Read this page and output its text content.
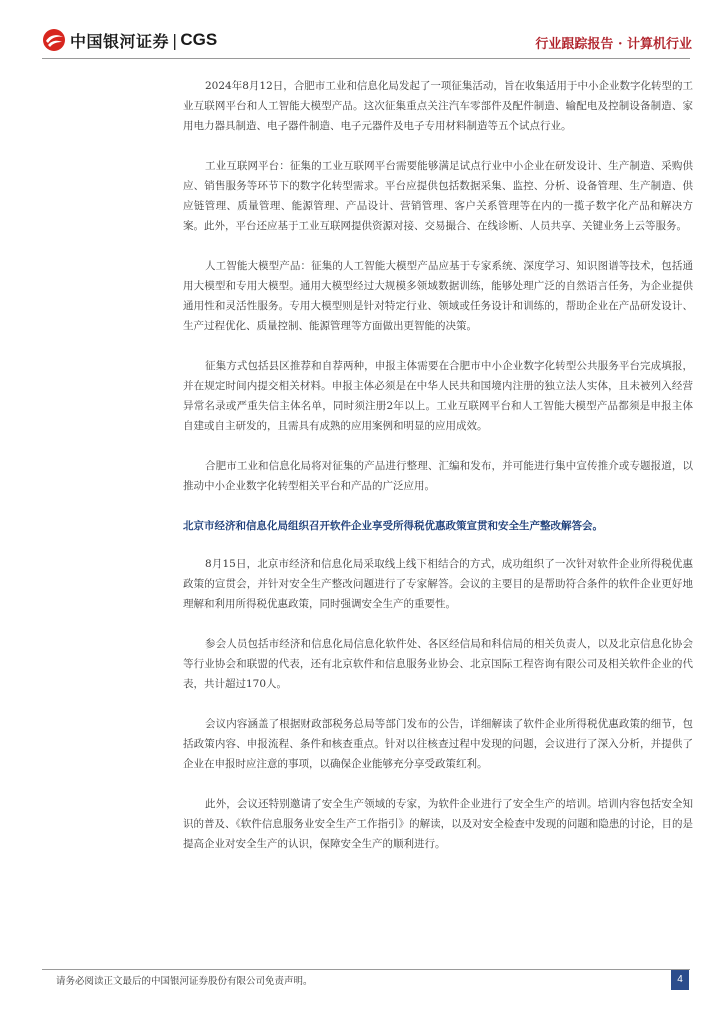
中国银河证券 | CGS	行业跟踪报告 · 计算机行业

2024年8月12日，合肥市工业和信息化局发起了一项征集活动，旨在收集适用于中小企业数字化转型的工业互联网平台和人工智能大模型产品。这次征集重点关注汽车零部件及配件制造、输配电及控制设备制造、家用电力器具制造、电子器件制造、电子元器件及电子专用材料制造等五个试点行业。

工业互联网平台：征集的工业互联网平台需要能够满足试点行业中小企业在研发设计、生产制造、采购供应、销售服务等环节下的数字化转型需求。平台应提供包括数据采集、监控、分析、设备管理、生产制造、供应链管理、质量管理、能源管理、产品设计、营销管理、客户关系管理等在内的一揽子数字化产品和解决方案。此外，平台还应基于工业互联网提供资源对接、交易撮合、在线诊断、人员共享、关键业务上云等服务。

人工智能大模型产品：征集的人工智能大模型产品应基于专家系统、深度学习、知识图谱等技术，包括通用大模型和专用大模型。通用大模型经过大规模多领域数据训练，能够处理广泛的自然语言任务，为企业提供通用性和灵活性服务。专用大模型则是针对特定行业、领域或任务设计和训练的，帮助企业在产品研发设计、生产过程优化、质量控制、能源管理等方面做出更智能的决策。

征集方式包括县区推荐和自荐两种，申报主体需要在合肥市中小企业数字化转型公共服务平台完成填报，并在规定时间内提交相关材料。申报主体必须是在中华人民共和国境内注册的独立法人实体，且未被列入经营异常名录或严重失信主体名单，同时须注册2年以上。工业互联网平台和人工智能大模型产品都须是申报主体自建或自主研发的，且需具有成熟的应用案例和明显的应用成效。

合肥市工业和信息化局将对征集的产品进行整理、汇编和发布，并可能进行集中宣传推介或专题报道，以推动中小企业数字化转型相关平台和产品的广泛应用。

北京市经济和信息化局组织召开软件企业享受所得税优惠政策宣贯和安全生产整改解答会。

8月15日，北京市经济和信息化局采取线上线下相结合的方式，成功组织了一次针对软件企业所得税优惠政策的宣贯会，并针对安全生产整改问题进行了专家解答。会议的主要目的是帮助符合条件的软件企业更好地理解和利用所得税优惠政策，同时强调安全生产的重要性。

参会人员包括市经济和信息化局信息化软件处、各区经信局和科信局的相关负责人，以及北京信息化协会等行业协会和联盟的代表，还有北京软件和信息服务业协会、北京国际工程咨询有限公司及相关软件企业的代表，共计超过170人。

会议内容涵盖了根据财政部税务总局等部门发布的公告，详细解读了软件企业所得税优惠政策的细节，包括政策内容、申报流程、条件和核查重点。针对以往核查过程中发现的问题，会议进行了深入分析，并提供了企业在申报时应注意的事项，以确保企业能够充分享受政策红利。

此外，会议还特别邀请了安全生产领域的专家，为软件企业进行了安全生产的培训。培训内容包括安全知识的普及、《软件信息服务业安全生产工作指引》的解读，以及对安全检查中发现的问题和隐患的讨论，目的是提高企业对安全生产的认识，保障安全生产的顺利进行。

请务必阅读正文最后的中国银河证券股份有限公司免责声明。	4
